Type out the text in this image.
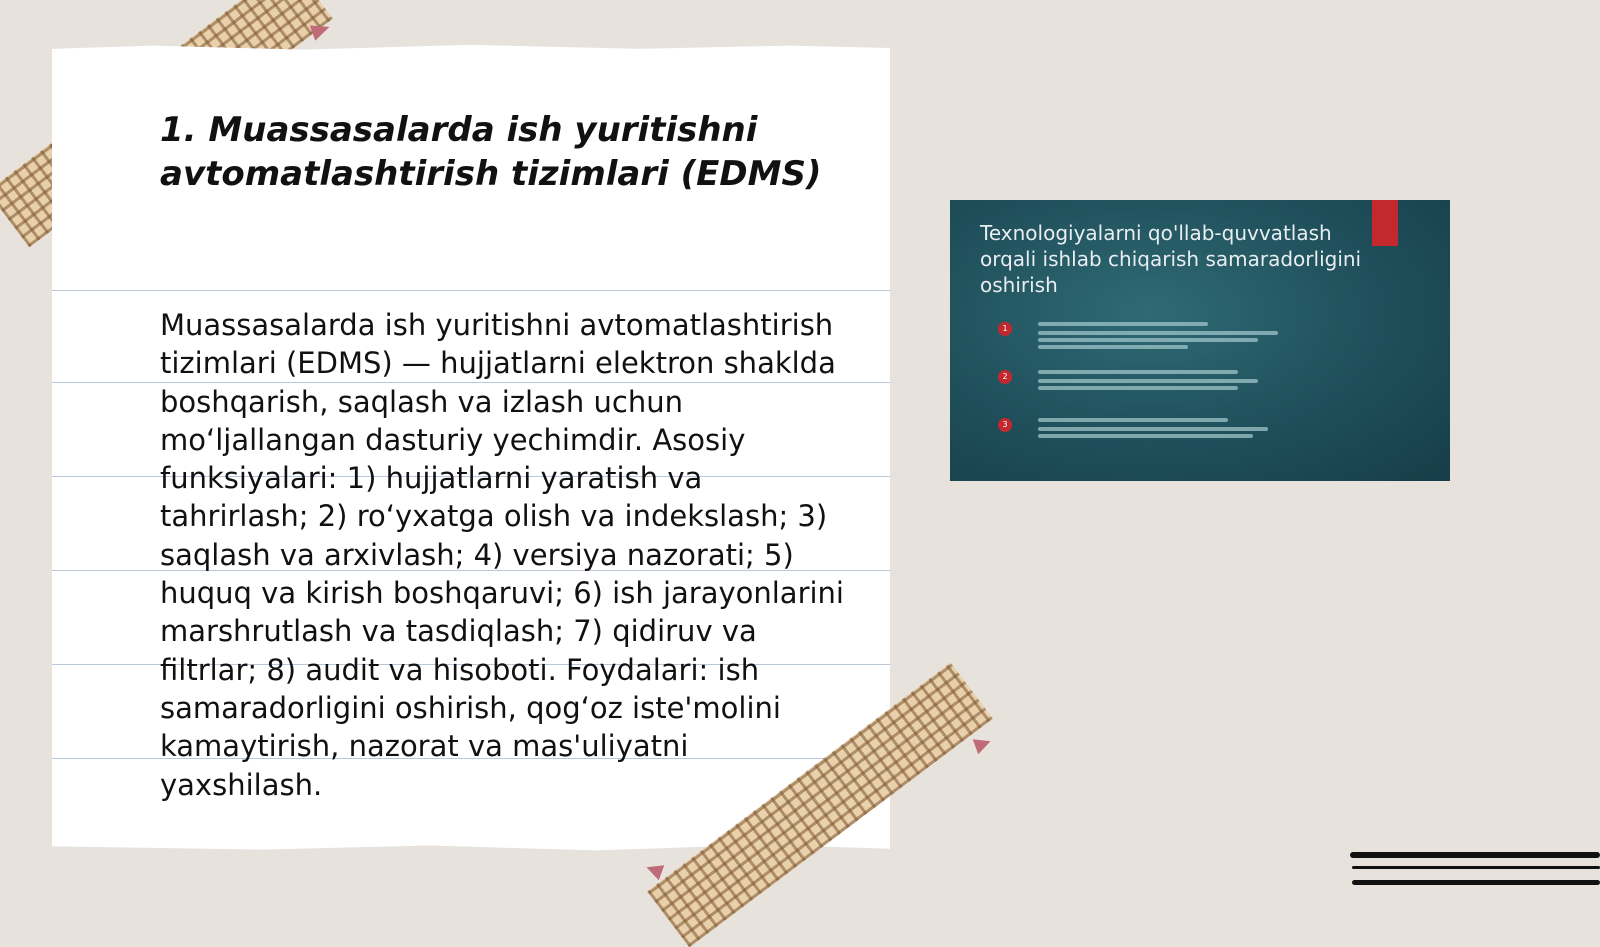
1. Muassasalarda ish yuritishni avtomatlashtirish tizimlari (EDMS)

Muassasalarda ish yuritishni avtomatlashtirish tizimlari (EDMS) — hujjatlarni elektron shaklda boshqarish, saqlash va izlash uchun mo‘ljallangan dasturiy yechimdir. Asosiy funksiyalari: 1) hujjatlarni yaratish va tahrirlash; 2) ro‘yxatga olish va indekslash; 3) saqlash va arxivlash; 4) versiya nazorati; 5) huquq va kirish boshqaruvi; 6) ish jarayonlarini marshrutlash va tasdiqlash; 7) qidiruv va filtrlar; 8) audit va hisoboti. Foydalari: ish samaradorligini oshirish, qog‘oz iste'molini kamaytirish, nazorat va mas'uliyatni yaxshilash.

Texnologiyalarni qo'llab-quvvatlash orqali ishlab chiqarish samaradorligini oshirish
1
2
3
